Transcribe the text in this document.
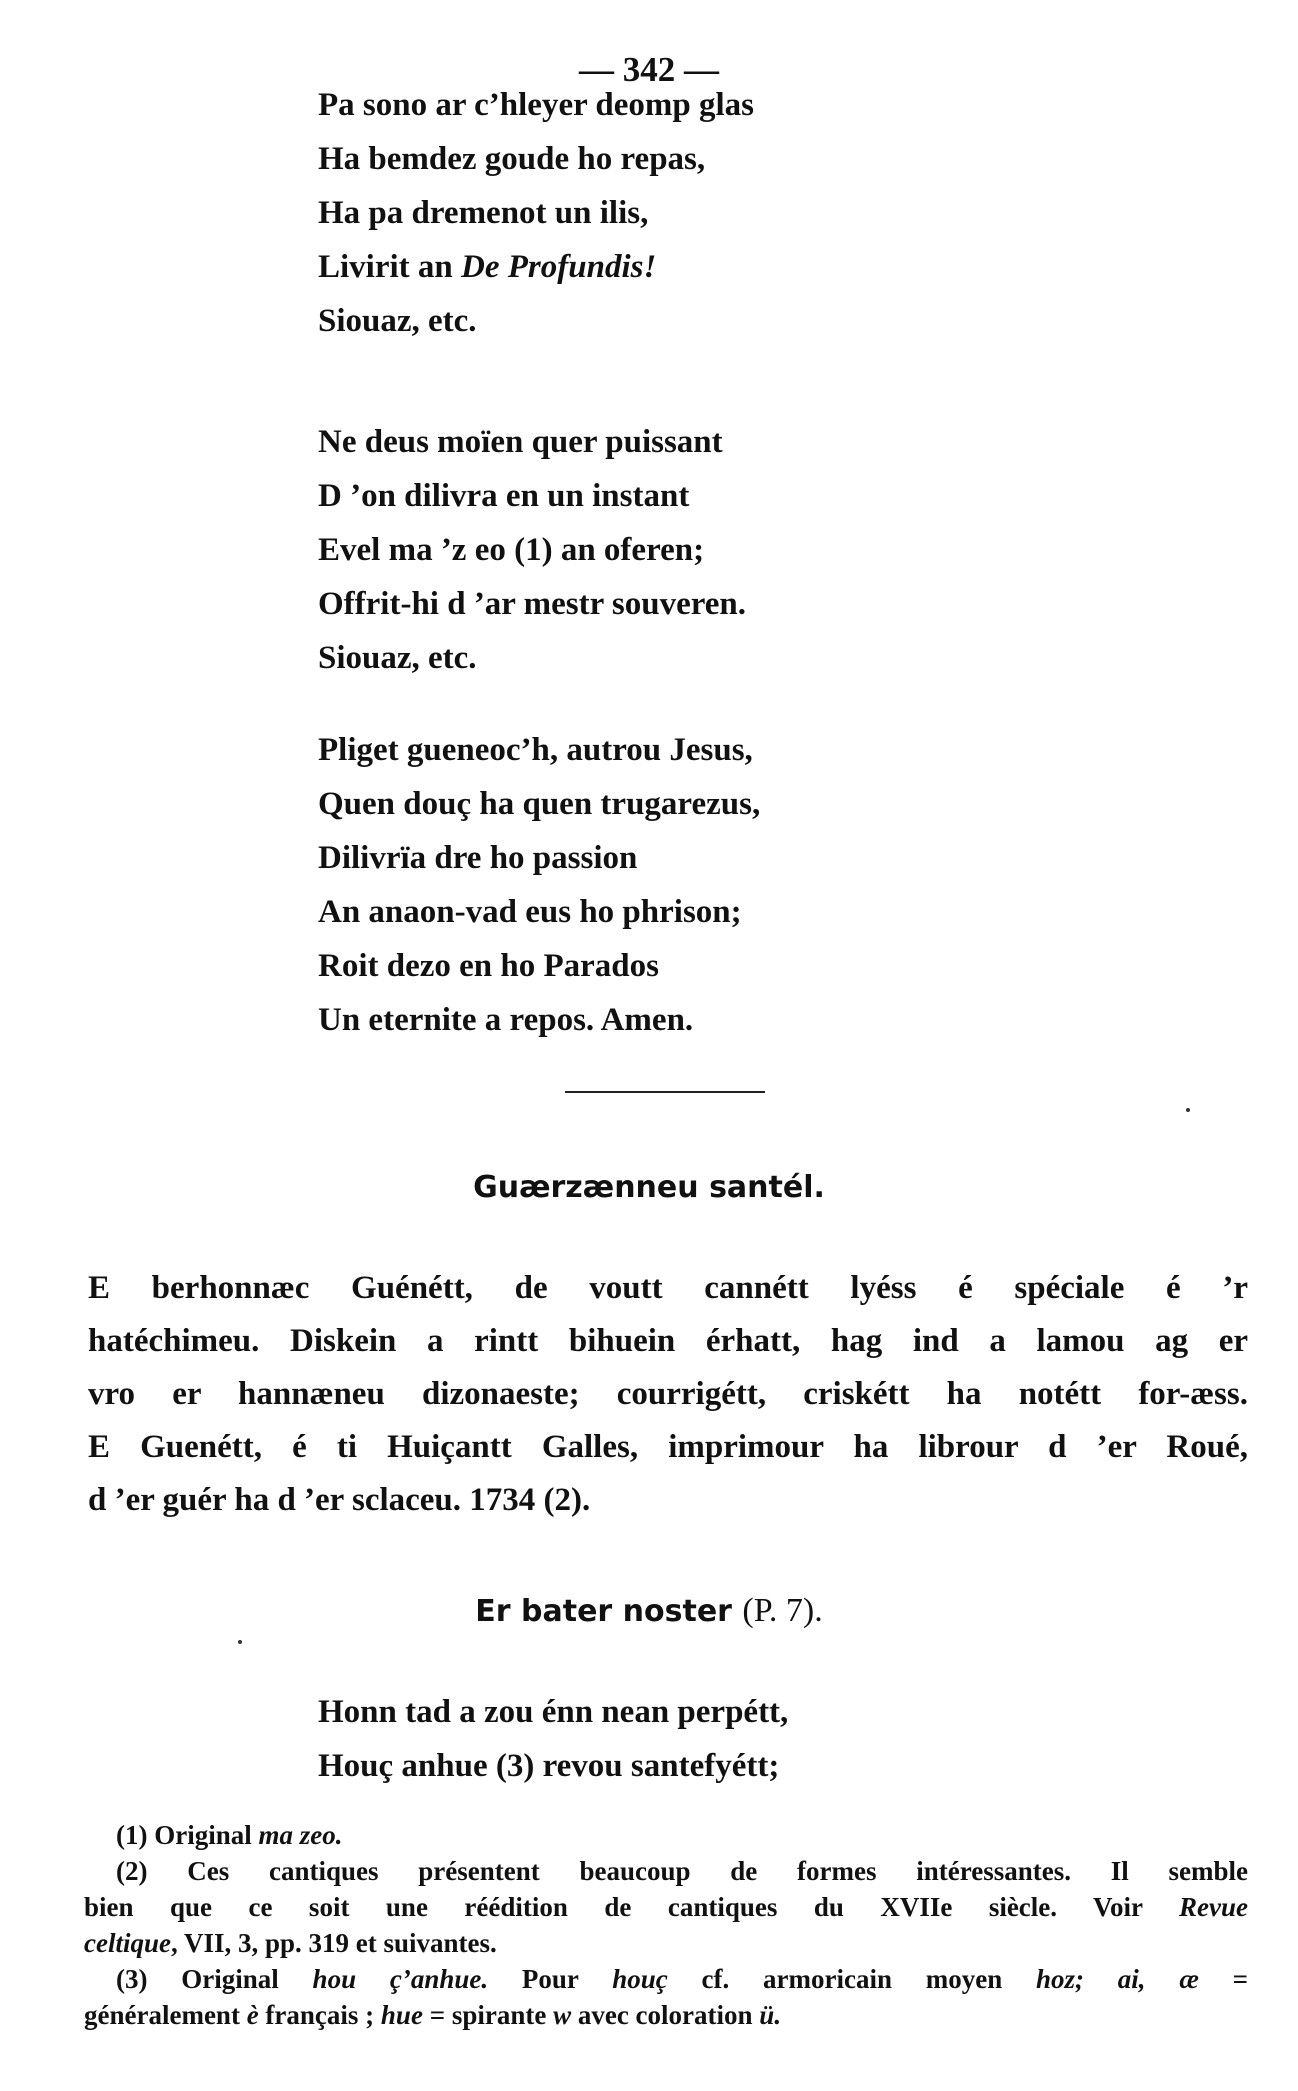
— 342 —
Pa sono ar c’hleyer deomp glas
Ha bemdez goude ho repas,
Ha pa dremenot un ilis,
Livirit an De Profundis!
Siouaz, etc.
Ne deus moïen quer puissant
D ’on dilivra en un instant
Evel ma ’z eo (1) an oferen;
Offrit-hi d ’ar mestr souveren.
Siouaz, etc.
Pliget gueneoc’h, autrou Jesus,
Quen douç ha quen trugarezus,
Dilivrïa dre ho passion
An anaon-vad eus ho phrison;
Roit dezo en ho Parados
Un eternite a repos. Amen.
Guærzænneu santél.
E berhonnæc Guénétt, de voutt cannétt lyéss é spéciale é ’r
hatéchimeu. Diskein a rintt bihuein érhatt, hag ind a lamou ag er
vro er hannæneu dizonaeste; courrigétt, criskétt ha notétt for-æss.
E Guenétt, é ti Huiçantt Galles, imprimour ha librour d ’er Roué,
d ’er guér ha d ’er sclaceu. 1734 (2).
Er bater noster (P. 7).
Honn tad a zou énn nean perpétt,
Houç anhue (3) revou santefyétt;
(1) Original ma zeo.
(2) Ces cantiques présentent beaucoup de formes intéressantes. Il semble
bien que ce soit une réédition de cantiques du XVIIe siècle. Voir Revue
celtique, VII, 3, pp. 319 et suivantes.
(3) Original hou ç’anhue. Pour houç cf. armoricain moyen hoz; ai, æ =
généralement è français ; hue = spirante w avec coloration ü.
